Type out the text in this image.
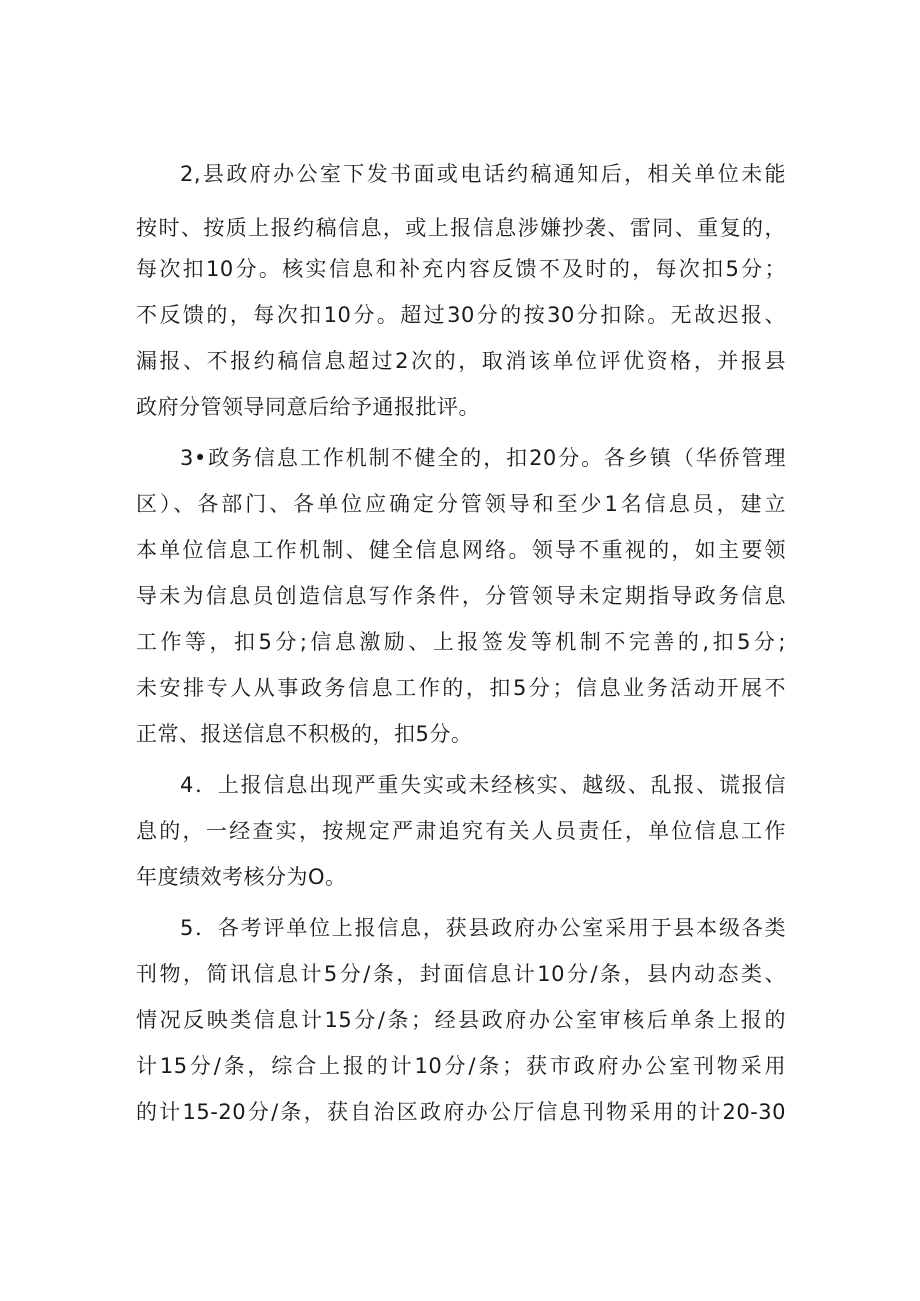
2,县政府办公室下发书面或电话约稿通知后，相关单位未能
按时、按质上报约稿信息，或上报信息涉嫌抄袭、雷同、重复的，
每次扣10分。核实信息和补充内容反馈不及时的，每次扣5分；
不反馈的，每次扣10分。超过30分的按30分扣除。无故迟报、
漏报、不报约稿信息超过2次的，取消该单位评优资格，并报县
政府分管领导同意后给予通报批评。
3•政务信息工作机制不健全的，扣20分。各乡镇（华侨管理
区）、各部门、各单位应确定分管领导和至少1名信息员，建立
本单位信息工作机制、健全信息网络。领导不重视的，如主要领
导未为信息员创造信息写作条件，分管领导未定期指导政务信息
工作等，扣5分;信息激励、上报签发等机制不完善的,扣5分;
未安排专人从事政务信息工作的，扣5分；信息业务活动开展不
正常、报送信息不积极的，扣5分。
4．上报信息出现严重失实或未经核实、越级、乱报、谎报信
息的，一经查实，按规定严肃追究有关人员责任，单位信息工作
年度绩效考核分为O。
5．各考评单位上报信息，获县政府办公室采用于县本级各类
刊物，简讯信息计5分/条，封面信息计10分/条，县内动态类、
情况反映类信息计15分/条；经县政府办公室审核后单条上报的
计15分/条，综合上报的计10分/条；获市政府办公室刊物采用
的计15-20分/条，获自治区政府办公厅信息刊物采用的计20-30
